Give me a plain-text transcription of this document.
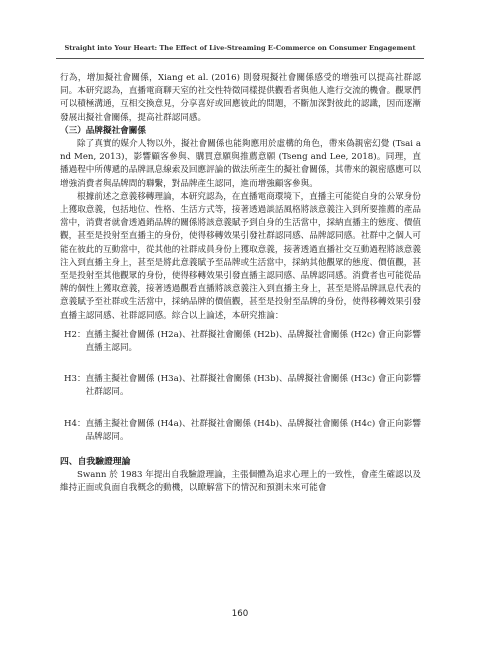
Straight into Your Heart: The Effect of Live-Streaming E-Commerce on Consumer Engagement

行為，增加擬社會關係，Xiang et al. (2016) 則發現擬社會關係感受的增強可以提高社群認同。本研究認為，直播電商聊天室的社交性特徵同樣提供觀看者與他人進行交流的機會。觀眾們可以積極溝通，互相交換意見，分享喜好或回應彼此的問題，不斷加深對彼此的認識，因而逐漸發展出擬社會關係，提高社群認同感。

（三）品牌擬社會關係

除了真實的媒介人物以外，擬社會關係也能夠應用於虛構的角色，帶來偽親密幻覺 (Tsai and Men, 2013)，影響顧客參與、購買意願與推薦意願 (Tseng and Lee, 2018)。同理，直播過程中所傳遞的品牌訊息線索及回應評論的做法所產生的擬社會關係，其帶來的親密感應可以增強消費者與品牌間的聯繫，對品牌產生認同，進而增強顧客參與。

根據前述之意義移轉理論，本研究認為，在直播電商環境下，直播主可能從自身的公眾身份上獲取意義，包括地位、性格、生活方式等，接著透過談話風格將該意義注入到所要推薦的產品當中，消費者就會透過銷品牌的關係將該意義賦予到自身的生活當中，採納直播主的態度、價值觀，甚至是投射至直播主的身份，使得移轉效果引發社群認同感、品牌認同感。社群中之個人可能在彼此的互動當中，從其他的社群成員身份上獲取意義，接著透過直播社交互動過程將該意義注入到直播主身上，甚至是將此意義賦予至品牌或生活當中，採納其他觀眾的態度、價值觀，甚至是投射至其他觀眾的身份，使得移轉效果引發直播主認同感、品牌認同感。消費者也可能從品牌的個性上獲取意義，接著透過觀看直播將該意義注入到直播主身上，甚至是將品牌訊息代表的意義賦予至社群或生活當中，採納品牌的價值觀，甚至是投射至品牌的身份，使得移轉效果引發直播主認同感、社群認同感。綜合以上論述，本研究推論：

H2： 直播主擬社會關係 (H2a)、社群擬社會關係 (H2b)、品牌擬社會關係 (H2c) 會正向影響直播主認同。
H3： 直播主擬社會關係 (H3a)、社群擬社會關係 (H3b)、品牌擬社會關係 (H3c) 會正向影響社群認同。
H4： 直播主擬社會關係 (H4a)、社群擬社會關係 (H4b)、品牌擬社會關係 (H4c) 會正向影響品牌認同。

四、自我驗證理論

Swann 於 1983 年提出自我驗證理論，主張個體為追求心理上的一致性，會產生確認以及維持正面或負面自我概念的動機，以瞭解當下的情況和預測未來可能會

160
